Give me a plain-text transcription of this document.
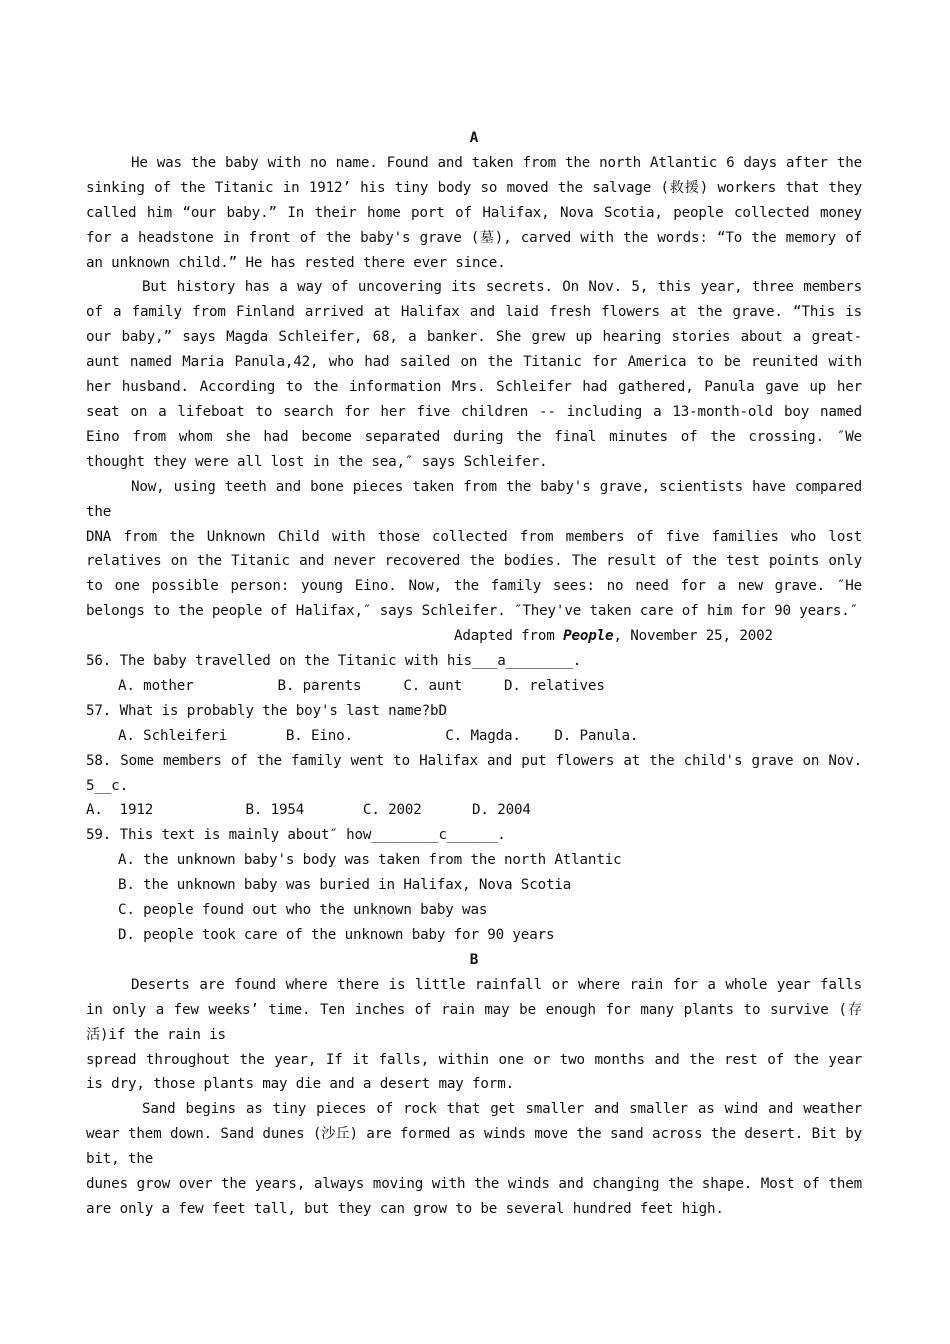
A

He was the baby with no name. Found and taken from the north Atlantic 6 days after the sinking of the Titanic in 1912’ his tiny body so moved the salvage (救援) workers that they called him “our baby.” In their home port of Halifax, Nova Scotia, people collected money for a headstone in front of the baby's grave (墓), carved with the words: “To the memory of an unknown child.” He has rested there ever since.

But history has a way of uncovering its secrets. On Nov. 5, this year, three members of a family from Finland arrived at Halifax and laid fresh flowers at the grave. “This is our baby,” says Magda Schleifer, 68, a banker. She grew up hearing stories about a great-aunt named Maria Panula,42, who had sailed on the Titanic for America to be reunited with her husband. According to the information Mrs. Schleifer had gathered, Panula gave up her seat on a lifeboat to search for her five children -- including a 13-month-old boy named Eino from whom she had become separated during the final minutes of the crossing. ″We thought they were all lost in the sea,″ says Schleifer.

Now, using teeth and bone pieces taken from the baby's grave, scientists have compared the

DNA from the Unknown Child with those collected from members of five families who lost relatives on the Titanic and never recovered the bodies. The result of the test points only to one possible person: young Eino. Now, the family sees: no need for a new grave. ″He belongs to the people of Halifax,″ says Schleifer. ″They've taken care of him for 90 years.″

Adapted from People, November 25, 2002

56. The baby travelled on the Titanic with his___a________.

A. mother          B. parents     C. aunt     D. relatives

57. What is probably the boy's last name?bD

A. Schleiferi       B. Eino.           C. Magda.    D. Panula.

58. Some members of the family went to Halifax and put flowers at the child's grave on Nov. 5__c.

A.  1912           B. 1954       C. 2002      D. 2004

59. This text is mainly about″ how________c______.

A. the unknown baby's body was taken from the north Atlantic

B. the unknown baby was buried in Halifax, Nova Scotia

C. people found out who the unknown baby was

D. people took care of the unknown baby for 90 years

B

Deserts are found where there is little rainfall or where rain for a whole year falls in only a few weeks’ time. Ten inches of rain may be enough for many plants to survive (存活)if the rain is

spread throughout the year, If it falls, within one or two months and the rest of the year is dry, those plants may die and a desert may form.

Sand begins as tiny pieces of rock that get smaller and smaller as wind and weather wear them down. Sand dunes (沙丘) are formed as winds move the sand across the desert. Bit by bit, the

dunes grow over the years, always moving with the winds and changing the shape. Most of them are only a few feet tall, but they can grow to be several hundred feet high.
